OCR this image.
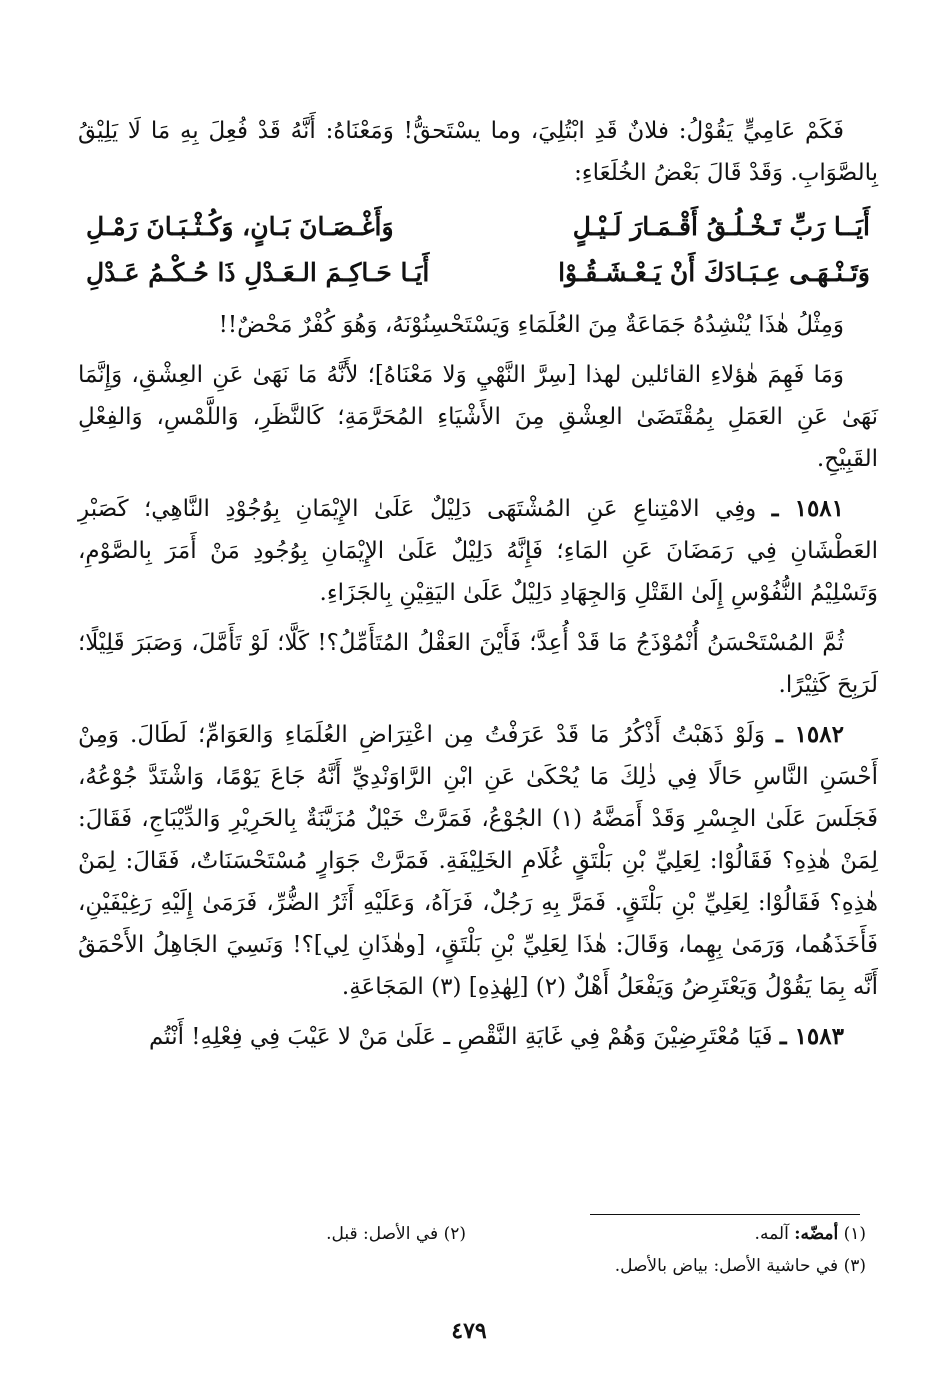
فَكَمْ عَامِيٍّ يَقُوْلُ: فلانٌ قَدِ ابْتُلِيَ، وما يسْتَحقُّ! وَمَعْنَاهُ: أَنَّهُ قَدْ فُعِلَ بِهِ مَا لَا يَلِيْقُ بِالصَّوَابِ. وَقَدْ قَالَ بَعْضُ الخُلَعَاءِ:

أَيَــا رَبِّ تَـخْـلُـقُ أَقْـمَـارَ لَـيْـلٍ
وَأَغْـصَـانَ بَـانٍ، وَكُـثْـبَـانَ رَمْـلِ
وَتَـنْـهَـى عِـبَـادَكَ أَنْ يَـعْـشَـقُـوْا
أَيَـا حَـاكِـمَ الـعَـدْلِ ذَا حُـكْـمُ عَـدْلِ

وَمِثْلُ هٰذَا يُنْشِدُهُ جَمَاعَةٌ مِنَ العُلَمَاءِ وَيَسْتَحْسِنُوْنَهُ، وَهُوَ كُفْرٌ مَحْضٌ!!

وَمَا فَهِمَ هٰؤلاءِ القائلين لهذا [سِرَّ النَّهْيِ وَلا مَعْنَاهُ]؛ لأَنَّهُ مَا نَهَىٰ عَنِ العِشْقِ، وَإِنَّمَا نَهَىٰ عَنِ العَمَلِ بِمُقْتَضَىٰ العِشْقِ مِنَ الأَشْيَاءِ المُحَرَّمَةِ؛ كَالنَّظَرِ، وَاللَّمْسِ، وَالفِعْلِ القَبِيْحِ.

١٥٨١ ـ وفِي الامْتِناعِ عَنِ المُشْتَهَى دَلِيْلٌ عَلَىٰ الإِيْمَانِ بِوُجُوْدِ النَّاهِي؛ كَصَبْرِ العَطْشَانِ فِي رَمَضَانَ عَنِ المَاءِ؛ فَإِنَّهُ دَلِيْلٌ عَلَىٰ الإِيْمَانِ بِوُجُودِ مَنْ أَمَرَ بِالصَّوْمِ، وَتَسْلِيْمُ النُّفُوْسِ إِلَىٰ القَتْلِ وَالجِهَادِ دَلِيْلٌ عَلَىٰ اليَقِيْنِ بِالجَزَاءِ.

ثُمَّ المُسْتَحْسَنُ أُنْمُوْذَجُ مَا قَدْ أُعِدَّ؛ فَأَيْنَ العَقْلُ المُتَأَمِّلُ؟! كَلَّا؛ لَوْ تَأَمَّلَ، وَصَبَرَ قَلِيْلًا؛ لَرَبِحَ كَثِيْرًا.

١٥٨٢ ـ وَلَوْ ذَهَبْتُ أَذْكُرُ مَا قَدْ عَرَفْتُ مِن اعْتِرَاضِ العُلَمَاءِ وَالعَوَامِّ؛ لَطَالَ. وَمِنْ أَحْسَنِ النَّاسِ حَالًا فِي ذٰلِكَ مَا يُحْكَىٰ عَنِ ابْنِ الرَّاوَنْدِيِّ أَنَّهُ جَاعَ يَوْمًا، وَاشْتَدَّ جُوْعُهُ، فَجَلَسَ عَلَىٰ الجِسْرِ وَقَدْ أَمَضَّهُ (١) الجُوْعُ، فَمَرَّتْ خَيْلٌ مُزَيَّنَةٌ بِالحَرِيْرِ وَالدِّيْبَاجِ، فَقَالَ: لِمَنْ هٰذِهِ؟ فَقَالُوْا: لِعَلِيِّ بْنِ بَلْتَقٍ غُلَامِ الخَلِيْفَةِ. فَمَرَّتْ جَوَارٍ مُسْتَحْسَنَاتٌ، فَقَالَ: لِمَنْ هٰذِهِ؟ فَقَالُوْا: لِعَلِيِّ بْنِ بَلْتَقٍ. فَمَرَّ بِهِ رَجُلٌ، فَرَآهُ، وَعَلَيْهِ أَثَرُ الضُّرِّ، فَرَمَىٰ إِلَيْهِ رَغِيْفَيْنِ، فَأَخَذَهُما، وَرَمَىٰ بِهِما، وَقَالَ: هٰذَا لِعَلِيِّ بْنِ بَلْتَقٍ، [وهٰذَانِ لِي]؟! وَنَسِيَ الجَاهِلُ الأَحْمَقُ أَنَّه بِمَا يَقُوْلُ وَيَعْتَرِضُ وَيَفْعَلُ أَهْلٌ (٢) [لِهٰذِهِ] (٣) المَجَاعَةِ.

١٥٨٣ ـ فَيَا مُعْتَرِضِيْنَ وَهُمْ فِي غَايَةِ النَّقْصِ ـ عَلَىٰ مَنْ لا عَيْبَ فِي فِعْلِهِ! أَنْتُم

(١) أمضّه: آلمه.
(٢) في الأصل: قبل.
(٣) في حاشية الأصل: بياض بالأصل.
٤٧٩
